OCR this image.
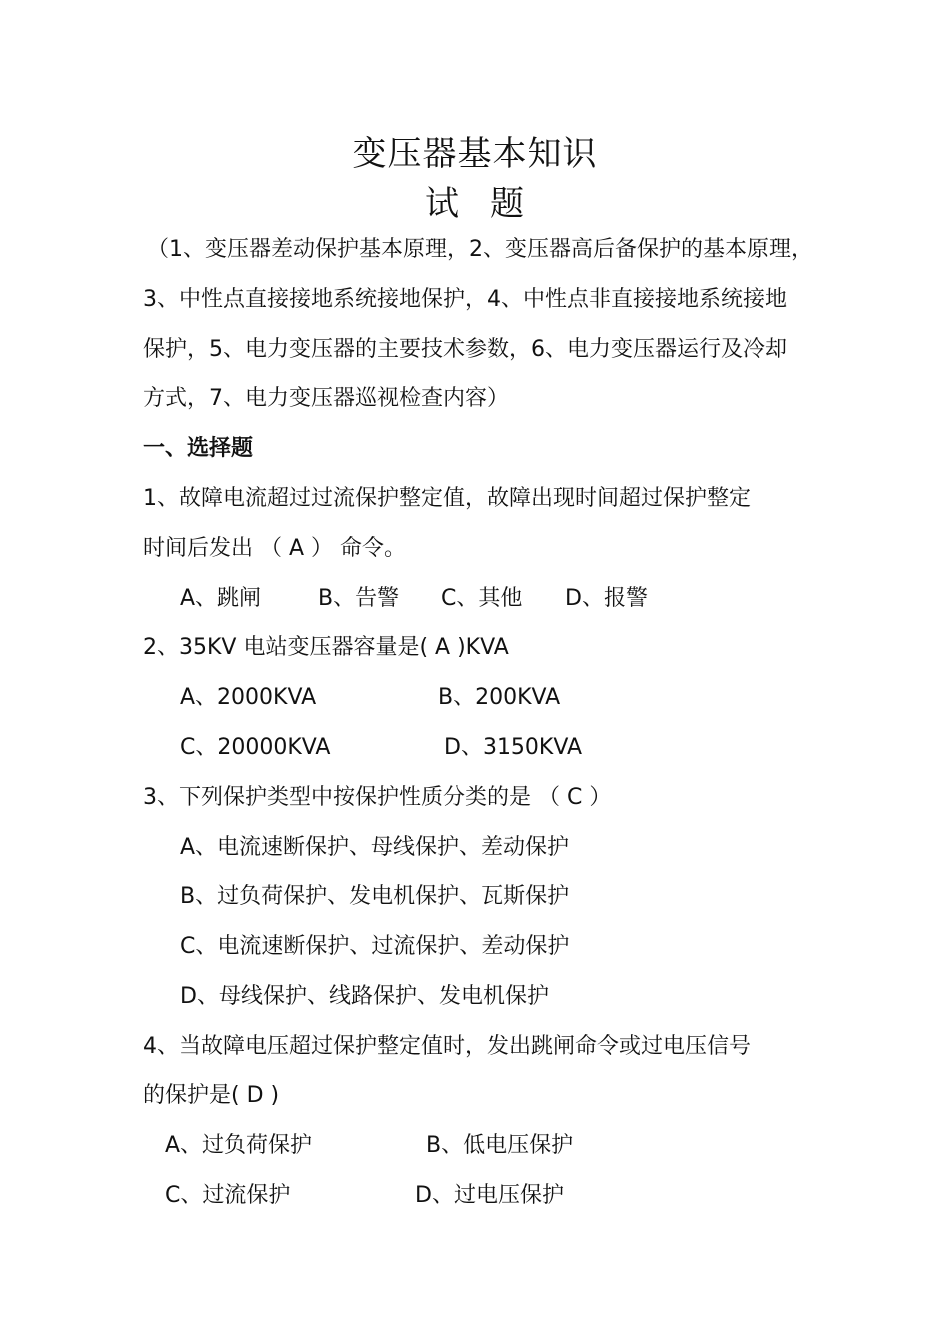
变压器基本知识
试 题
（1、变压器差动保护基本原理，2、变压器高后备保护的基本原理，
3、中性点直接接地系统接地保护，4、中性点非直接接地系统接地
保护，5、电力变压器的主要技术参数，6、电力变压器运行及冷却
方式，7、电力变压器巡视检查内容）
一、选择题
1、故障电流超过过流保护整定值，故障出现时间超过保护整定
时间后发出 （ A ） 命令。
A、跳闸	B、告警 C、其他 D、报警
2、35KV 电站变压器容量是( A )KVA
A、2000KVA	B、200KVA
C、20000KVA	D、3150KVA
3、下列保护类型中按保护性质分类的是 （ C ）
A、电流速断保护、母线保护、差动保护
B、过负荷保护、发电机保护、瓦斯保护
C、电流速断保护、过流保护、差动保护
D、母线保护、线路保护、发电机保护
4、当故障电压超过保护整定值时，发出跳闸命令或过电压信号
的保护是( D )
A、过负荷保护	B、低电压保护
C、过流保护	D、过电压保护
